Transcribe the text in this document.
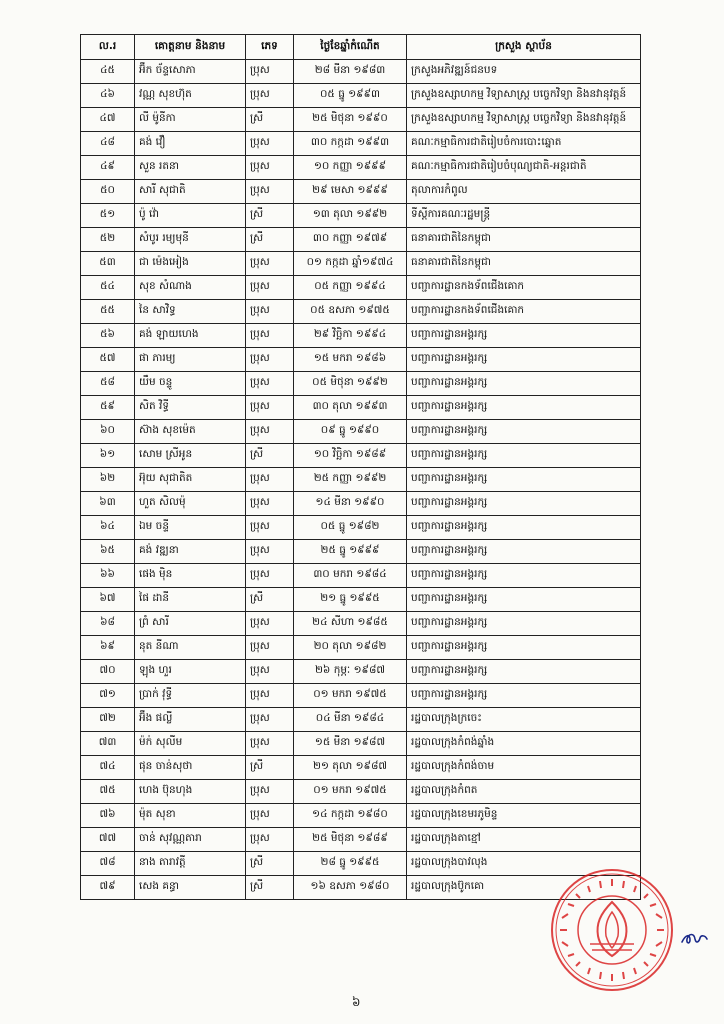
ល.រ	គោត្តនាម និងនាម	ភេទ	ថ្ងៃខែឆ្នាំកំណើត	ក្រសួង ស្ថាប័ន
៤៥	អ៊ឹក ច័ន្ទសោភា	ប្រុស	២៨ មីនា ១៩៨៣	ក្រសួងអភិវឌ្ឍន៍ជនបទ
៤៦	វណ្ណ សុខហ៊ុត	ប្រុស	០៥ ធ្នូ ១៩៩៣	ក្រសួងឧស្សាហកម្ម វិទ្យាសាស្ត្រ បច្ចេកវិទ្យា និងនវានុវត្តន៍
៤៧	លី ម៉ូនីកា	ស្រី	២៥ មិថុនា ១៩៩០	ក្រសួងឧស្សាហកម្ម វិទ្យាសាស្ត្រ បច្ចេកវិទ្យា និងនវានុវត្តន៍
៤៨	គង់ វឿ	ប្រុស	៣០ កក្កដា ១៩៩៣	គណៈកម្មាធិការជាតិរៀបចំការបោះឆ្នោត
៤៩	សួន រតនា	ប្រុស	១០ កញ្ញា ១៩៩៩	គណៈកម្មាធិការជាតិរៀបចំបុណ្យជាតិ-អន្តរជាតិ
៥០	សារី សុជាតិ	ប្រុស	២៩ មេសា ១៩៩៩	តុលាការកំពូល
៥១	ប៉ូ វ៉ោ	ស្រី	១៣ តុលា ១៩៩២	ទីស្តីការគណៈរដ្ឋមន្ត្រី
៥២	សំបូរ រម្យមុនី	ស្រី	៣០ កញ្ញា ១៩៧៩	ធនាគារជាតិនៃកម្ពុជា
៥៣	ជា ម៉េងអៀង	ប្រុស	០១ កក្កដា ឆ្នាំ១៩៧៤	ធនាគារជាតិនៃកម្ពុជា
៥៤	សុខ សំណាង	ប្រុស	០៥ កញ្ញា ១៩៩៤	បញ្ជាការដ្ឋានកងទ័ពជើងគោក
៥៥	នៃ សាវិទ្ធ	ប្រុស	០៥ ឧសភា ១៩៧៥	បញ្ជាការដ្ឋានកងទ័ពជើងគោក
៥៦	គង់ ឡាយហេង	ប្រុស	២៩ វិច្ឆិកា ១៩៩៤	បញ្ជាការដ្ឋានអង្គរក្ស
៥៧	ផា ភារម្យ	ប្រុស	១៥ មករា ១៩៨៦	បញ្ជាការដ្ឋានអង្គរក្ស
៥៨	យឹម ចន្ទូ	ប្រុស	០៥ មិថុនា ១៩៩២	បញ្ជាការដ្ឋានអង្គរក្ស
៥៩	សិត វិទ្ធី	ប្រុស	៣០ តុលា ១៩៩៣	បញ្ជាការដ្ឋានអង្គរក្ស
៦០	ស៊ាង សុខម៉េត	ប្រុស	០៩ ធ្នូ ១៩៩០	បញ្ជាការដ្ឋានអង្គរក្ស
៦១	សោម ស្រីអូន	ស្រី	១០ វិច្ឆិកា ១៩៨៩	បញ្ជាការដ្ឋានអង្គរក្ស
៦២	អ៊ុយ សុជាតិត	ប្រុស	២៥ កញ្ញា ១៩៩២	បញ្ជាការដ្ឋានអង្គរក្ស
៦៣	ហួត សិលម៉ុ	ប្រុស	១៤ មីនា ១៩៩០	បញ្ជាការដ្ឋានអង្គរក្ស
៦៤	ឯម ចន្ទី	ប្រុស	០៥ ធ្នូ ១៩៨២	បញ្ជាការដ្ឋានអង្គរក្ស
៦៥	គង់ វឌ្ឍនា	ប្រុស	២៥ ធ្នូ ១៩៩៩	បញ្ជាការដ្ឋានអង្គរក្ស
៦៦	ផេង ម៉ិន	ប្រុស	៣០ មករា ១៩៨៤	បញ្ជាការដ្ឋានអង្គរក្ស
៦៧	ផៃ ដានី	ស្រី	២១ ធ្នូ ១៩៩៥	បញ្ជាការដ្ឋានអង្គរក្ស
៦៨	ព្រំ សារី	ប្រុស	២៤ សីហា ១៩៨៥	បញ្ជាការដ្ឋានអង្គរក្ស
៦៩	នុត នីណា	ប្រុស	២០ តុលា ១៩៨២	បញ្ជាការដ្ឋានអង្គរក្ស
៧០	ឡុង ហួរ	ប្រុស	២៦ កុម្ភៈ ១៩៨៧	បញ្ជាការដ្ឋានអង្គរក្ស
៧១	ប្រាក់ វុទ្ធី	ប្រុស	០១ មករា ១៩៧៥	បញ្ជាការដ្ឋានអង្គរក្ស
៧២	អ៊ឹង ផល្លី	ប្រុស	០៤ មីនា ១៩៨៤	រដ្ឋបាលក្រុងក្រចេះ
៧៣	ម៉ក់ សុលីម	ប្រុស	១៥ មីនា ១៩៨៧	រដ្ឋបាលក្រុងកំពង់ឆ្នាំង
៧៤	ផុន ចាន់សុថា	ស្រី	២១ តុលា ១៩៨៧	រដ្ឋបាលក្រុងកំពង់ចាម
៧៥	ហេង ប៊ុនហុង	ប្រុស	០១ មករា ១៩៧៥	រដ្ឋបាលក្រុងកំពត
៧៦	ម៉ុត សុខា	ប្រុស	១៤ កក្កដា ១៩៨០	រដ្ឋបាលក្រុងខេមរភូមិន្ទ
៧៧	ចាន់ សុវណ្ណតារា	ប្រុស	២៥ មិថុនា ១៩៨៩	រដ្ឋបាលក្រុងតាខ្មៅ
៧៨	នាង តារាវត្តី	ស្រី	២៨ ធ្នូ ១៩៩៥	រដ្ឋបាលក្រុងបាវលុង
៧៩	សេង គន្ធា	ស្រី	១៦ ឧសភា ១៩៨០	រដ្ឋបាលក្រុងប៊ូកគោ
៦
